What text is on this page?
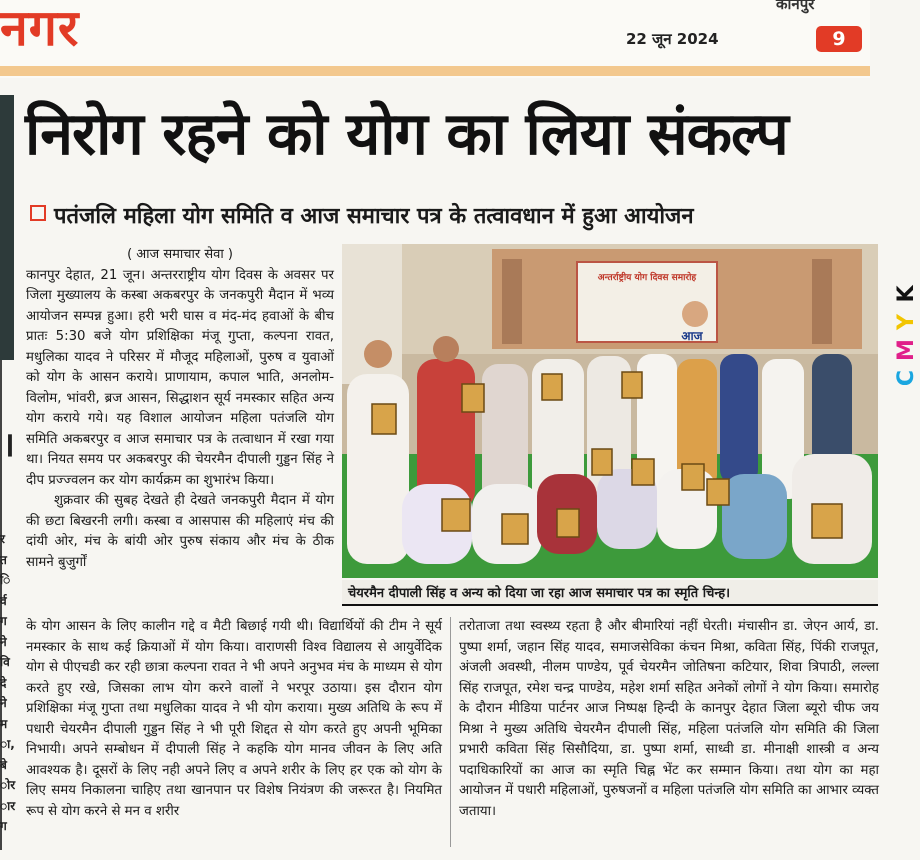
नगर	कानपुर
22 जून 2024	9
।
र
त
ि
र्व
ग
ने
वि
दे
ने
म
ा,
बे
ोर
ार
ग
निरोग रहने को योग का लिया संकल्प
पतंजलि महिला योग समिति व आज समाचार पत्र के तत्वावधान में हुआ आयोजन
( आज समाचार सेवा )

कानपुर देहात, 21 जून। अन्तरराष्ट्रीय योग दिवस के अवसर पर जिला मुख्यालय के कस्बा अकबरपुर के जनकपुरी मैदान में भव्य आयोजन सम्पन्न हुआ। हरी भरी घास व मंद-मंद हवाओं के बीच प्रातः 5:30 बजे योग प्रशिक्षिका मंजू गुप्ता, कल्पना रावत, मधुलिका यादव ने परिसर में मौजूद महिलाओं, पुरुष व युवाओं को योग के आसन कराये। प्राणायाम, कपाल भाति, अनलोम-विलोम, भांवरी, ब्रज आसन, सिद्धाशन सूर्य नमस्कार सहित अन्य योग कराये गये। यह विशाल आयोजन महिला पतंजलि योग समिति अकबरपुर व आज समाचार पत्र के तत्वाधान में रखा गया था। नियत समय पर अकबरपुर की चेयरमैन दीपाली गुड्डन सिंह ने दीप प्रज्ज्वलन कर योग कार्यक्रम का शुभारंभ किया।

शुक्रवार की सुबह देखते ही देखते जनकपुरी मैदान में योग की छटा बिखरनी लगी। कस्बा व आसपास की महिलाएं मंच की दांयी ओर, मंच के बांयी ओर पुरुष संकाय और मंच के ठीक सामने बुजुर्गों

अन्तर्राष्ट्रीय योग दिवस समारोह
आज
चेयरमैन दीपाली सिंह व अन्य को दिया जा रहा आज समाचार पत्र का स्मृति चिन्ह।
के योग आसन के लिए कालीन गद्दे व मैटी बिछाई गयी थी। विद्यार्थियों की टीम ने सूर्य नमस्कार के साथ कई क्रियाओं में योग किया। वाराणसी विश्व विद्यालय से आयुर्वेदिक योग से पीएचडी कर रही छात्रा कल्पना रावत ने भी अपने अनुभव मंच के माध्यम से योग करते हुए रखे, जिसका लाभ योग करने वालों ने भरपूर उठाया। इस दौरान योग प्रशिक्षिका मंजू गुप्ता तथा मधुलिका यादव ने भी योग कराया। मुख्य अतिथि के रूप में पधारी चेयरमैन दीपाली गुड्डन सिंह ने भी पूरी शिद्दत से योग करते हुए अपनी भूमिका निभायी। अपने सम्बोधन में दीपाली सिंह ने कहकि योग मानव जीवन के लिए अति आवश्यक है। दूसरों के लिए नही अपने लिए व अपने शरीर के लिए हर एक को योग के लिए समय निकालना चाहिए तथा खानपान पर विशेष नियंत्रण की जरूरत है। नियमित रूप से योग करने से मन व शरीर
तरोताजा तथा स्वस्थ्य रहता है और बीमारियां नहीं घेरती। मंचासीन डा. जेएन आर्य, डा. पुष्पा शर्मा, जहान सिंह यादव, समाजसेविका कंचन मिश्रा, कविता सिंह, पिंकी राजपूत, अंजली अवस्थी, नीलम पाण्डेय, पूर्व चेयरमैन जोतिषना कटियार, शिवा त्रिपाठी, लल्ला सिंह राजपूत, रमेश चन्द्र पाण्डेय, महेश शर्मा सहित अनेकों लोगों ने योग किया। समारोह के दौरान मीडिया पार्टनर आज निष्पक्ष हिन्दी के कानपुर देहात जिला ब्यूरो चीफ जय मिश्रा ने मुख्य अतिथि चेयरमैन दीपाली सिंह, महिला पतंजलि योग समिति की जिला प्रभारी कविता सिंह सिसौदिया, डा. पुष्पा शर्मा, साध्वी डा. मीनाक्षी शास्त्री व अन्य पदाधिकारियों का आज का स्मृति चिह्न भेंट कर सम्मान किया। तथा योग का महा आयोजन में पधारी महिलाओं, पुरुषजनों व महिला पतंजलि योग समिति का आभार व्यक्त जताया।
K
Y
M
C
